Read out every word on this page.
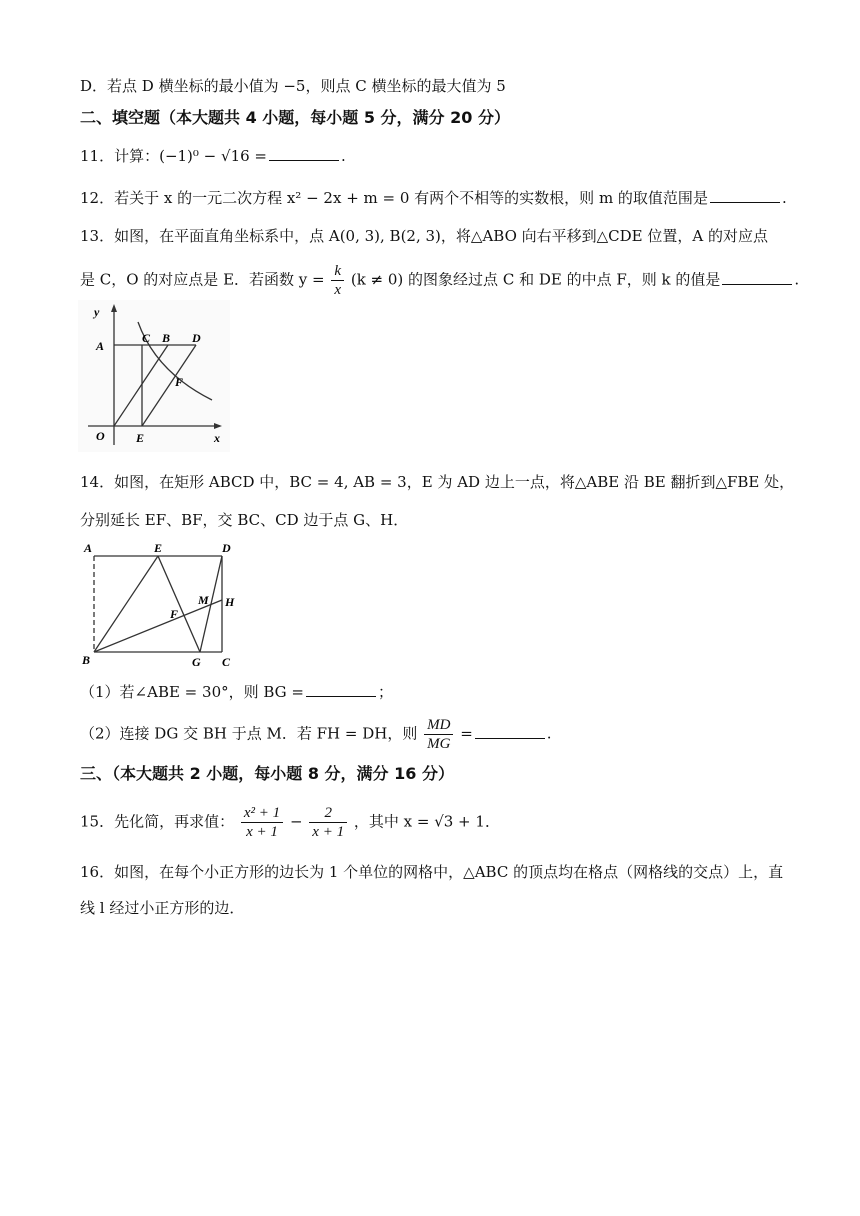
D．若点 D 横坐标的最小值为 −5，则点 C 横坐标的最大值为 5
二、填空题（本大题共 4 小题，每小题 5 分，满分 20 分）
11．计算：(−1)⁰ − √16 =	.
12．若关于 x 的一元二次方程 x² − 2x + m = 0 有两个不相等的实数根，则 m 的取值范围是	.
13．如图，在平面直角坐标系中，点 A(0, 3), B(2, 3)，将△ABO 向右平移到△CDE 位置，A 的对应点
是 C，O 的对应点是 E．若函数 $y = \frac{k}{x} (k \ne 0)$ 的图象经过点 C 和 DE 的中点 F，则 k 的值是	.
y
x
O
A
C B D
E
F
14．如图，在矩形 ABCD 中，BC = 4, AB = 3，E 为 AD 边上一点，将△ABE 沿 BE 翻折到△FBE 处，
分别延长 EF、BF，交 BC、CD 边于点 G、H．
A	E	D
B	G C
F
M H
（1）若∠ABE = 30°，则 BG =	；
（2）连接 DG 交 BH 于点 M．若 FH = DH，则 $\frac{MD}{MG}$ =	.
三、（本大题共 2 小题，每小题 8 分，满分 16 分）
15．先化简，再求值： $\frac{\text{x² + 1}}{x + 1} - \frac{2}{x + 1}$ ，其中 x = √3 + 1．
16．如图，在每个小正方形的边长为 1 个单位的网格中，△ABC 的顶点均在格点（网格线的交点）上，直
线 l 经过小正方形的边．
